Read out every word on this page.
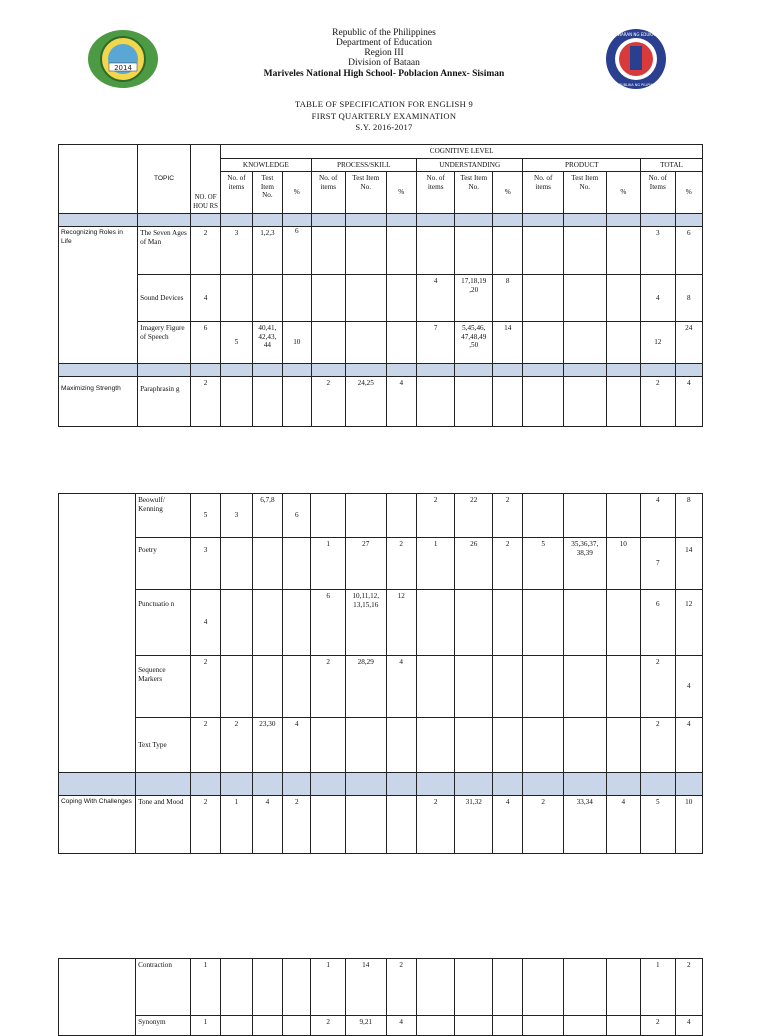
2014
KAGAWARAN NG EDUKASYON
REPUBLIKA NG PILIPINAS
Republic of the Philippines
Department of Education
Region III
Division of Bataan
Mariveles National High School- Poblacion Annex- Sisiman
TABLE OF SPECIFICATION FOR ENGLISH 9
FIRST QUARTERLY EXAMINATION
S.Y. 2016-2017
	TOPIC	NO. OF HOU RS	COGNITIVE LEVEL													
			KNOWLEDGE			PROCESS/SKILL			UNDERSTANDING			PRODUCT			TOTAL	
			No. of items	Test Item No.	%	No. of items	Test Item No.	%	No. of items	Test Item No.	%	No. of items	Test Item No.	%	No. of Items	%

Recognizing Roles in Life	The Seven Ages of Man	2	3	1,2,3	6										3	6
	Sound Devices	4							4	17,18,19 ,20	8				4	8
	Imagery Figure of Speech	6	5	40,41, 42,43, 44	10				7	5,45,46, 47,48,49 ,50	14				12	24

Maximizing Strength	Paraphrasin g	2				2	24,25	4							2	4
	Beowulf/ Kenning	5	3	6,7,8	6				2	22	2				4	8
	Poetry	3				1	27	2	1	26	2	5	35,36,37, 38,39	10	7	14
	Punctuatio n	4				6	10,11,12, 13,15,16	12							6	12
	Sequence Markers	2				2	28,29	4							2	4
	Text Type	2	2	23,30	4										2	4

Coping With Challenges	Tone and Mood	2	1	4	2				2	31,32	4	2	33,34	4	5	10
	Contraction	1				1	14	2							1	2
	Synonym	1				2	9,21	4							2	4
